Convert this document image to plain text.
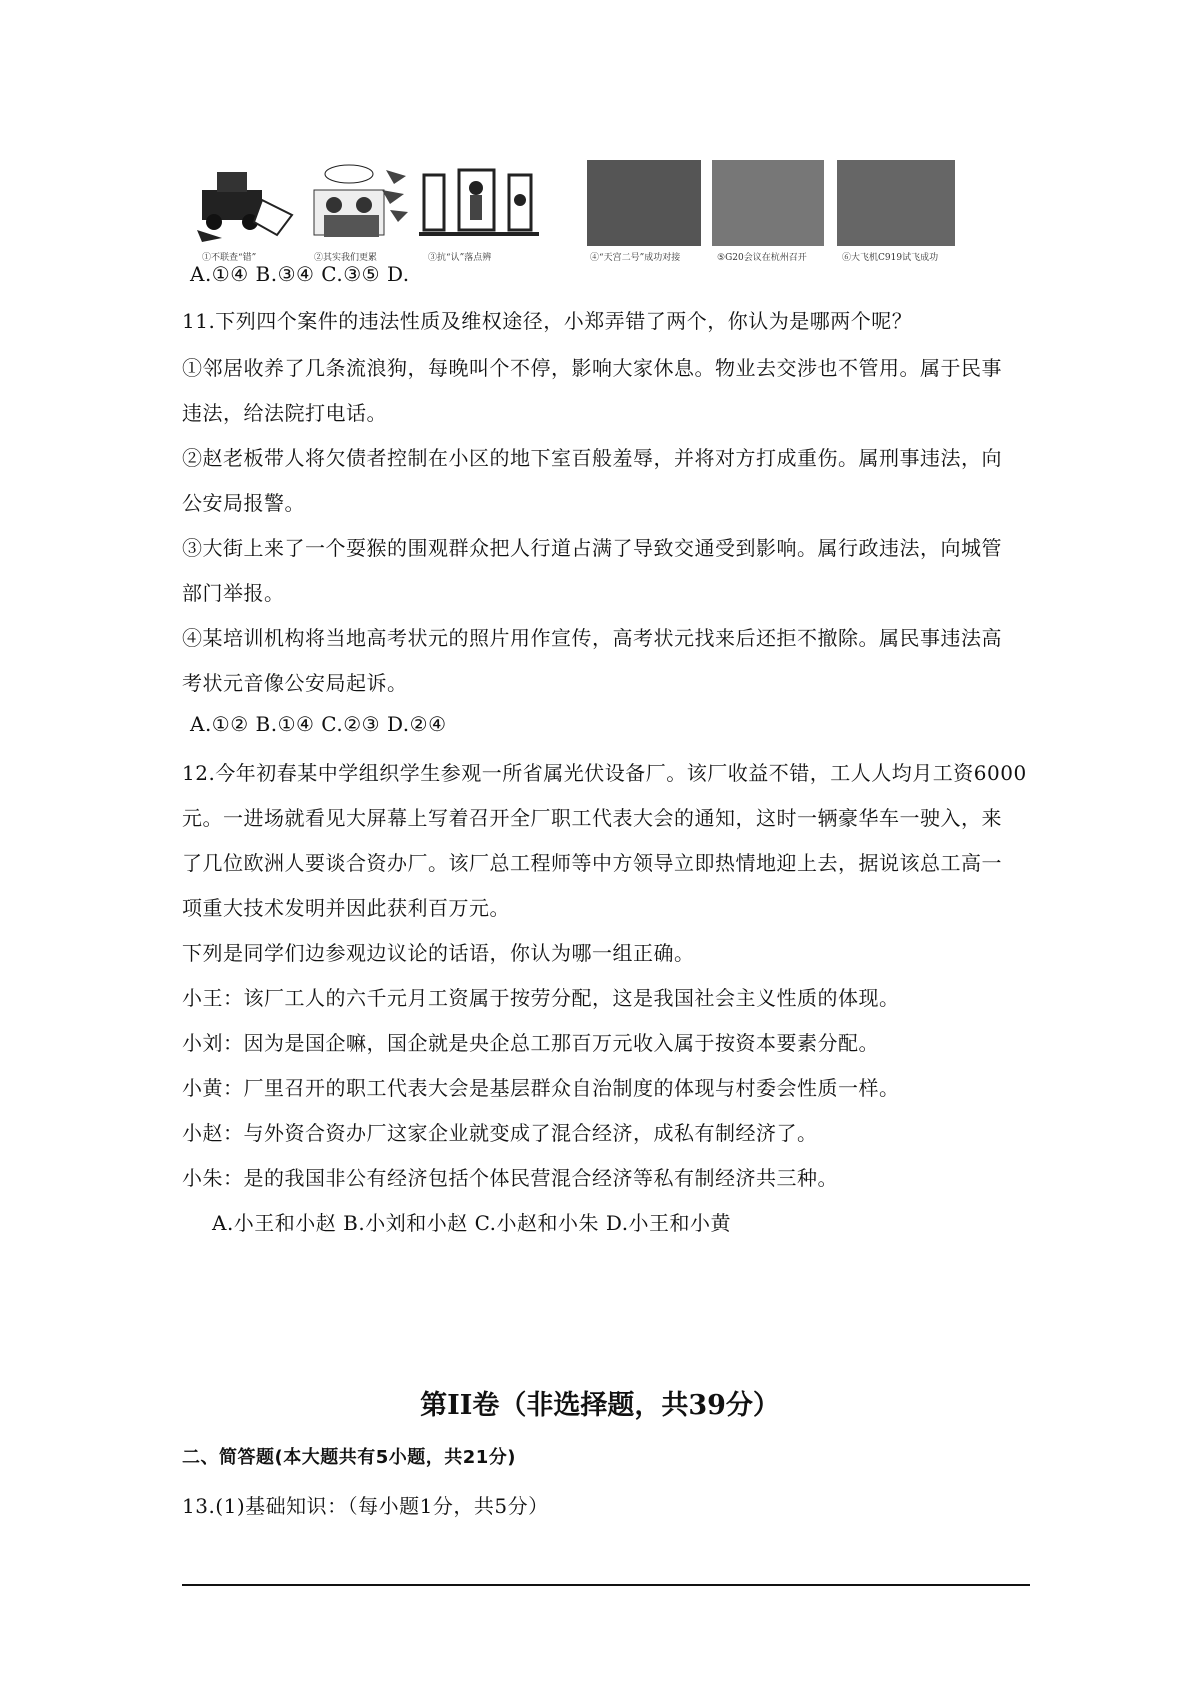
①不联查“错”	②其实我们更累	③抗“认”落点辨	④“天宫二号”成功对接	⑤G20会议在杭州召开	⑥大飞机C919试飞成功
A.①④ B.③④ C.③⑤ D.
11.下列四个案件的违法性质及维权途径，小郑弄错了两个，你认为是哪两个呢？
①邻居收养了几条流浪狗，每晚叫个不停，影响大家休息。物业去交涉也不管用。属于民事
违法，给法院打电话。
②赵老板带人将欠债者控制在小区的地下室百般羞辱，并将对方打成重伤。属刑事违法，向
公安局报警。
③大街上来了一个耍猴的围观群众把人行道占满了导致交通受到影响。属行政违法，向城管
部门举报。
④某培训机构将当地高考状元的照片用作宣传，高考状元找来后还拒不撤除。属民事违法高
考状元音像公安局起诉。
A.①② B.①④ C.②③ D.②④
12.今年初春某中学组织学生参观一所省属光伏设备厂。该厂收益不错，工人人均月工资6000
元。一进场就看见大屏幕上写着召开全厂职工代表大会的通知，这时一辆豪华车一驶入，来
了几位欧洲人要谈合资办厂。该厂总工程师等中方领导立即热情地迎上去，据说该总工高一
项重大技术发明并因此获利百万元。
下列是同学们边参观边议论的话语，你认为哪一组正确。
小王：该厂工人的六千元月工资属于按劳分配，这是我国社会主义性质的体现。
小刘：因为是国企嘛，国企就是央企总工那百万元收入属于按资本要素分配。
小黄：厂里召开的职工代表大会是基层群众自治制度的体现与村委会性质一样。
小赵：与外资合资办厂这家企业就变成了混合经济，成私有制经济了。
小朱：是的我国非公有经济包括个体民营混合经济等私有制经济共三种。
A.小王和小赵 B.小刘和小赵 C.小赵和小朱 D.小王和小黄
第II卷（非选择题，共39分）
二、简答题(本大题共有5小题，共21分)
13.(1)基础知识：（每小题1分，共5分）
